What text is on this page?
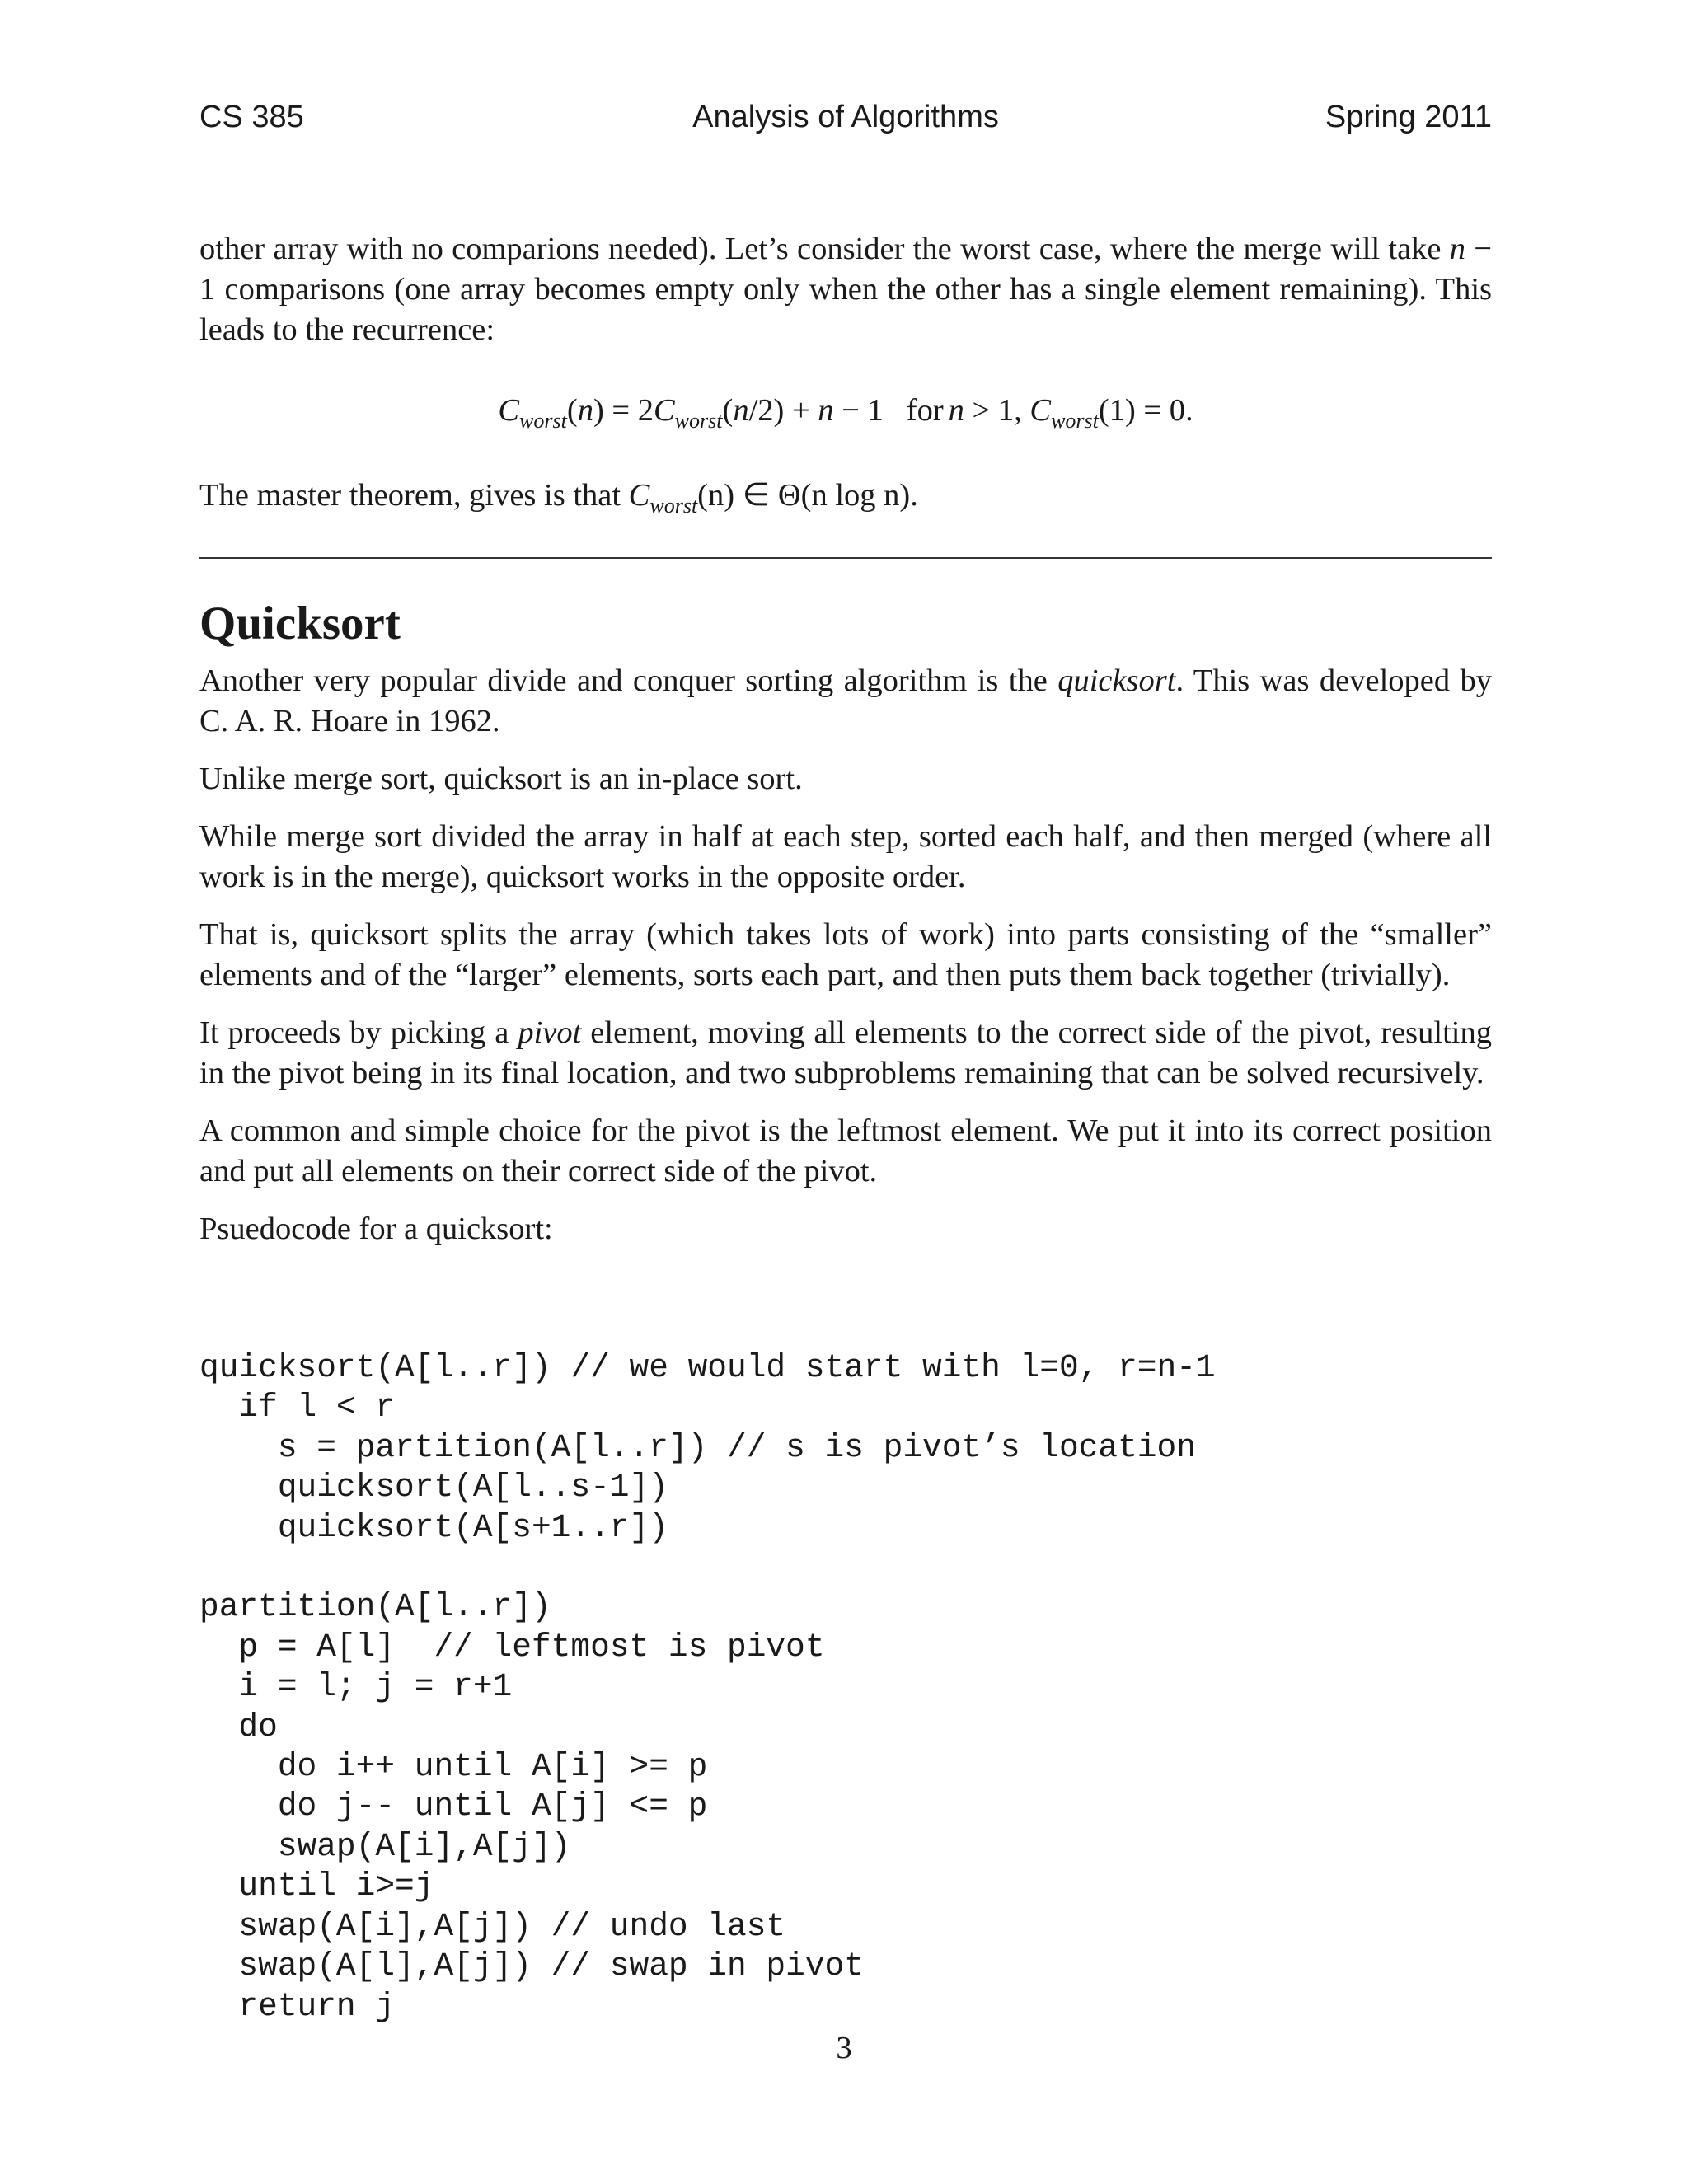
CS 385	Analysis of Algorithms	Spring 2011

other array with no comparions needed). Let’s consider the worst case, where the merge will take n − 1 comparisons (one array becomes empty only when the other has a single element remaining). This leads to the recurrence:

$C_{worst}(n) = 2C_{worst}(n/2) + n - 1$ for n > 1, $C_{worst}(1) = 0$.

The master theorem, gives is that $C_{worst}(n)$ ∈ Θ(n log n).

Quicksort

Another very popular divide and conquer sorting algorithm is the quicksort. This was developed by C. A. R. Hoare in 1962.

Unlike merge sort, quicksort is an in-place sort.

While merge sort divided the array in half at each step, sorted each half, and then merged (where all work is in the merge), quicksort works in the opposite order.

That is, quicksort splits the array (which takes lots of work) into parts consisting of the “smaller” elements and of the “larger” elements, sorts each part, and then puts them back together (trivially).

It proceeds by picking a pivot element, moving all elements to the correct side of the pivot, resulting in the pivot being in its final location, and two subproblems remaining that can be solved recursively.

A common and simple choice for the pivot is the leftmost element. We put it into its correct position and put all elements on their correct side of the pivot.

Psuedocode for a quicksort:

quicksort(A[l..r]) // we would start with l=0, r=n-1
if l < r
s = partition(A[l..r]) // s is pivot’s location
quicksort(A[l..s-1])
quicksort(A[s+1..r])

partition(A[l..r])
p = A[l]  // leftmost is pivot
i = l; j = r+1
do
do i++ until A[i] >= p
do j-- until A[j] <= p
swap(A[i],A[j])
until i>=j
swap(A[i],A[j]) // undo last
swap(A[l],A[j]) // swap in pivot
return j
3
